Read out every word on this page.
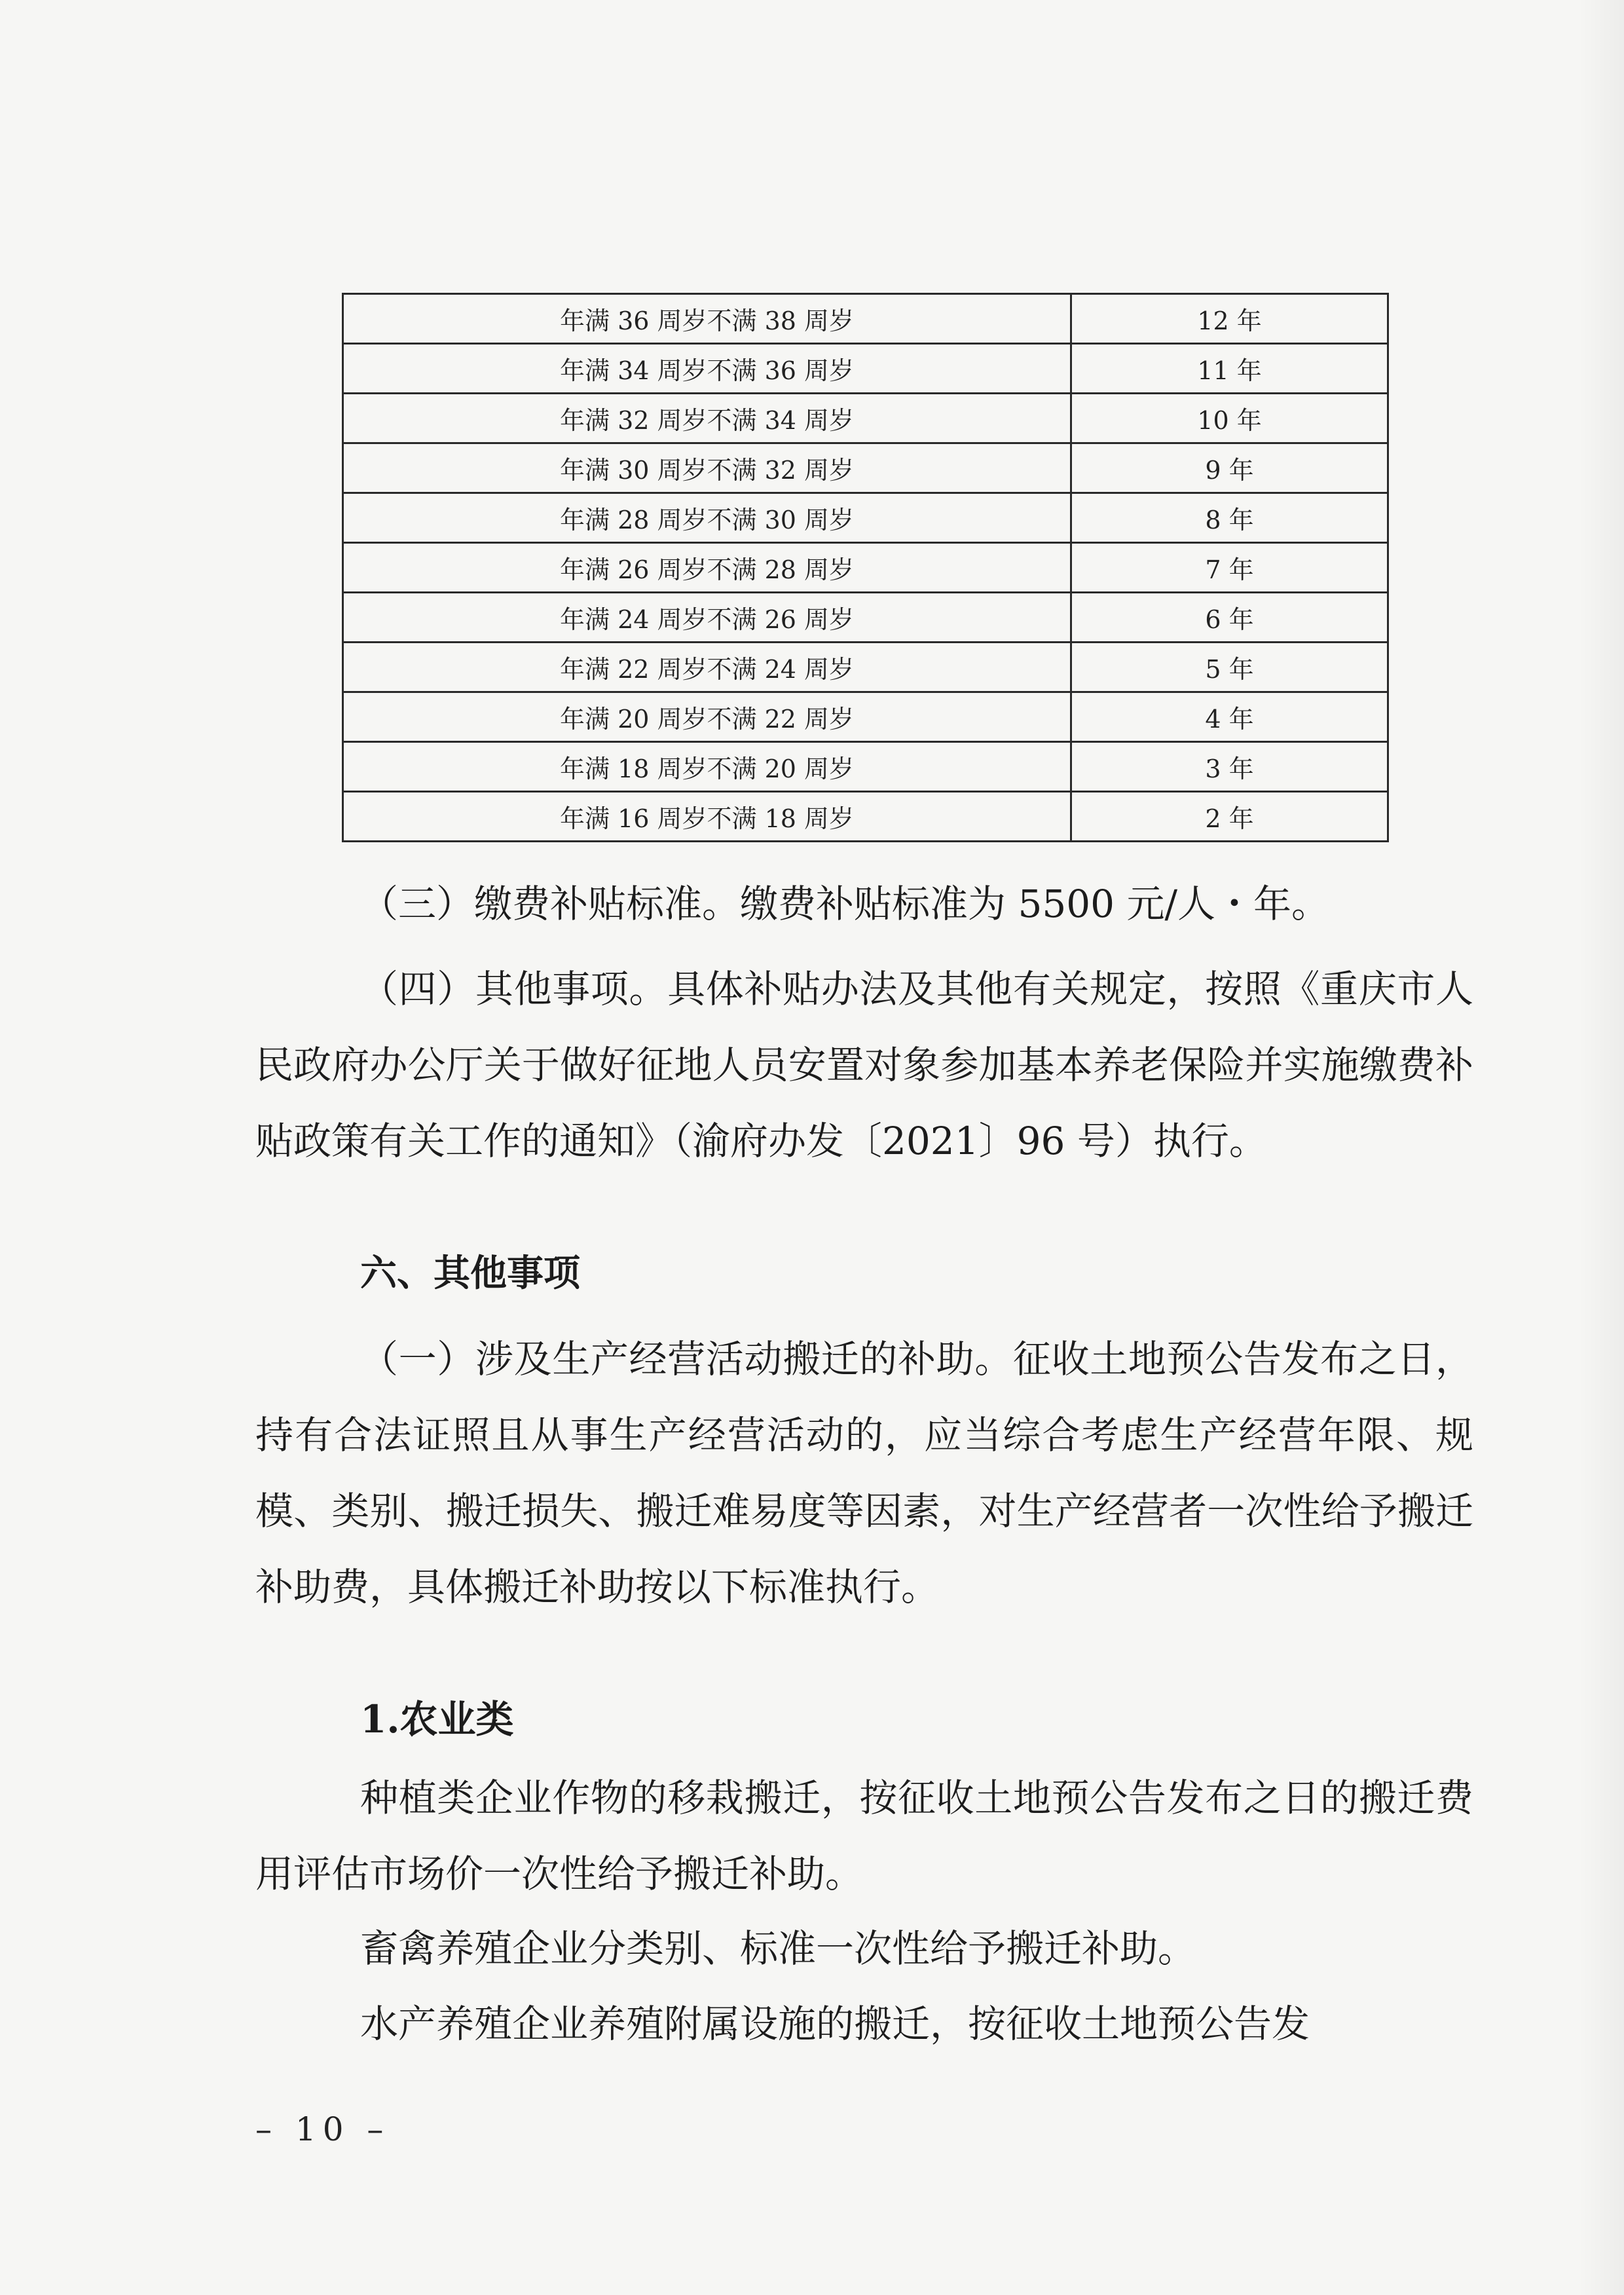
年满 36 周岁不满 38 周岁	12 年
年满 34 周岁不满 36 周岁	11 年
年满 32 周岁不满 34 周岁	10 年
年满 30 周岁不满 32 周岁	9 年
年满 28 周岁不满 30 周岁	8 年
年满 26 周岁不满 28 周岁	7 年
年满 24 周岁不满 26 周岁	6 年
年满 22 周岁不满 24 周岁	5 年
年满 20 周岁不满 22 周岁	4 年
年满 18 周岁不满 20 周岁	3 年
年满 16 周岁不满 18 周岁	2 年

（三）缴费补贴标准。缴费补贴标准为 5500 元/人・年。

（四）其他事项。具体补贴办法及其他有关规定，按照《重庆市人民政府办公厅关于做好征地人员安置对象参加基本养老保险并实施缴费补贴政策有关工作的通知》（渝府办发〔2021〕96 号）执行。

六、其他事项

（一）涉及生产经营活动搬迁的补助。征收土地预公告发布之日，持有合法证照且从事生产经营活动的，应当综合考虑生产经营年限、规模、类别、搬迁损失、搬迁难易度等因素，对生产经营者一次性给予搬迁补助费，具体搬迁补助按以下标准执行。

1.农业类

种植类企业作物的移栽搬迁，按征收土地预公告发布之日的搬迁费用评估市场价一次性给予搬迁补助。

畜禽养殖企业分类别、标准一次性给予搬迁补助。

水产养殖企业养殖附属设施的搬迁，按征收土地预公告发

– 10 –
